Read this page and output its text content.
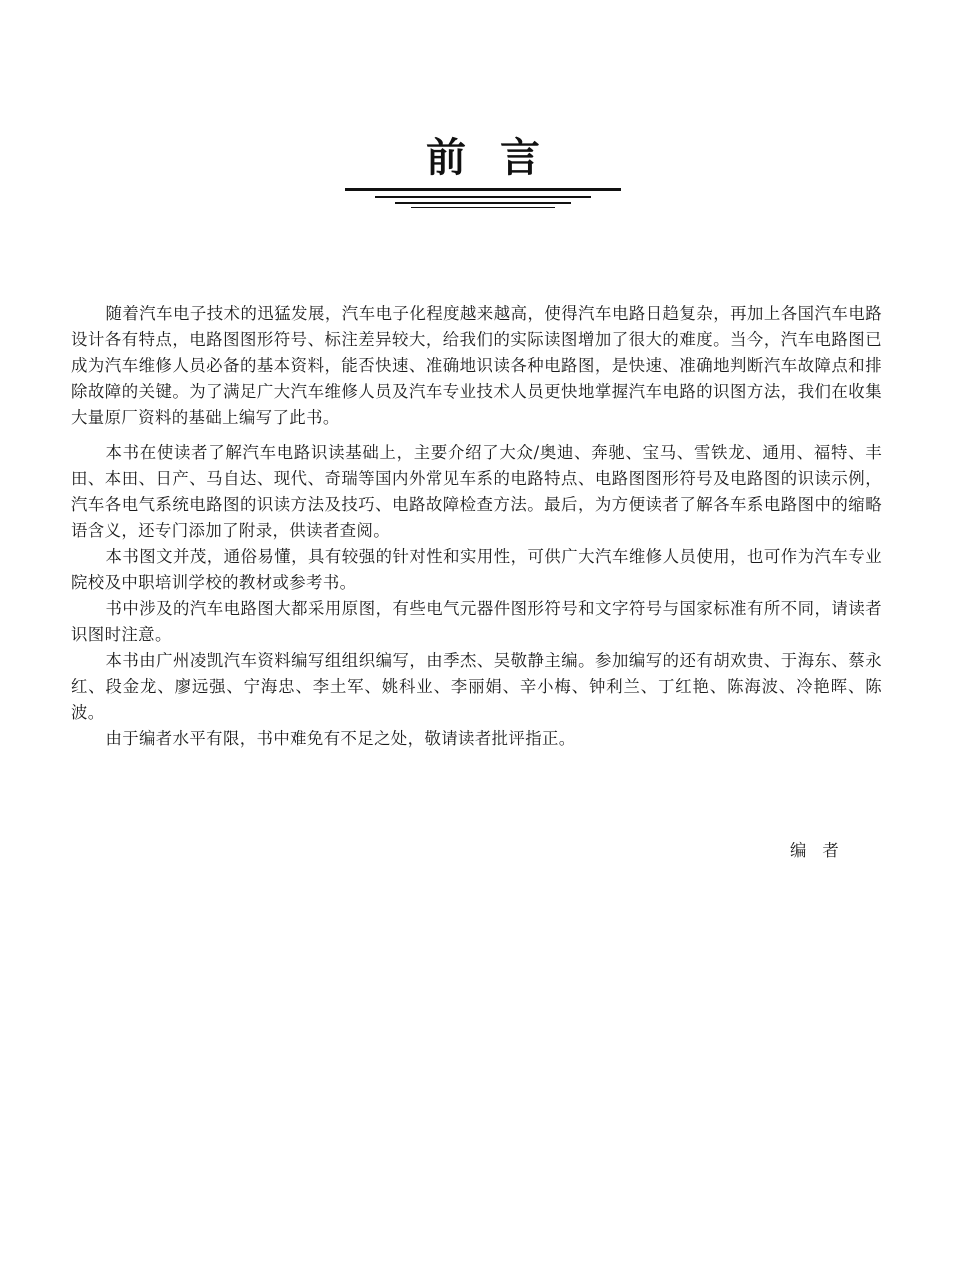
前言

随着汽车电子技术的迅猛发展，汽车电子化程度越来越高，使得汽车电路日趋复杂，再加上各国汽车电路设计各有特点，电路图图形符号、标注差异较大，给我们的实际读图增加了很大的难度。当今，汽车电路图已成为汽车维修人员必备的基本资料，能否快速、准确地识读各种电路图，是快速、准确地判断汽车故障点和排除故障的关键。为了满足广大汽车维修人员及汽车专业技术人员更快地掌握汽车电路的识图方法，我们在收集大量原厂资料的基础上编写了此书。

本书在使读者了解汽车电路识读基础上，主要介绍了大众/奥迪、奔驰、宝马、雪铁龙、通用、福特、丰田、本田、日产、马自达、现代、奇瑞等国内外常见车系的电路特点、电路图图形符号及电路图的识读示例，汽车各电气系统电路图的识读方法及技巧、电路故障检查方法。最后，为方便读者了解各车系电路图中的缩略语含义，还专门添加了附录，供读者查阅。

本书图文并茂，通俗易懂，具有较强的针对性和实用性，可供广大汽车维修人员使用，也可作为汽车专业院校及中职培训学校的教材或参考书。

书中涉及的汽车电路图大都采用原图，有些电气元器件图形符号和文字符号与国家标准有所不同，请读者识图时注意。

本书由广州凌凯汽车资料编写组组织编写，由季杰、吴敬静主编。参加编写的还有胡欢贵、于海东、蔡永红、段金龙、廖远强、宁海忠、李土军、姚科业、李丽娟、辛小梅、钟利兰、丁红艳、陈海波、冷艳晖、陈波。

由于编者水平有限，书中难免有不足之处，敬请读者批评指正。

编者
